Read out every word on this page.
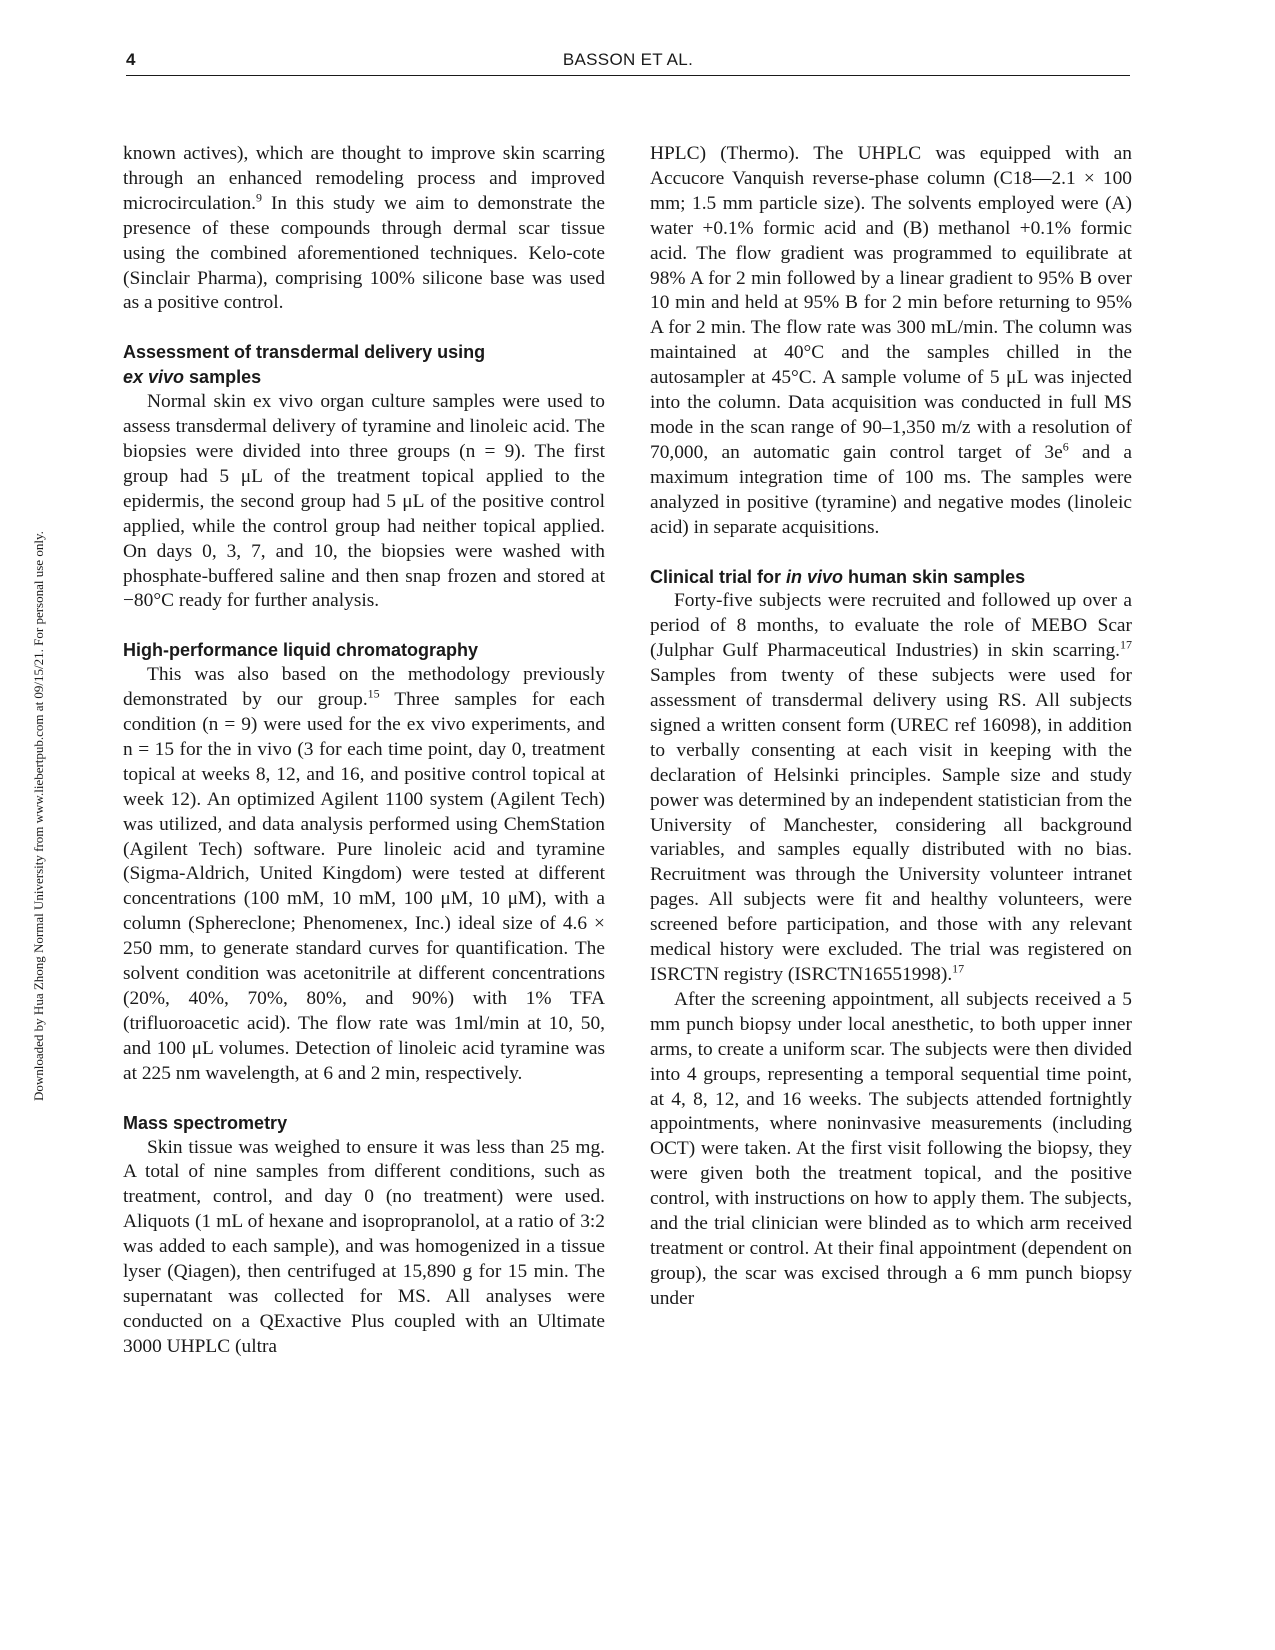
4	BASSON ET AL.
Downloaded by Hua Zhong Normal University from www.liebertpub.com at 09/15/21. For personal use only.

known actives), which are thought to improve skin scarring through an enhanced remodeling process and improved microcirculation.$^9$ In this study we aim to demonstrate the presence of these compounds through dermal scar tissue using the combined aforementioned techniques. Kelo-cote (Sinclair Pharma), comprising 100% silicone base was used as a positive control.

Assessment of transdermal delivery using
ex vivo samples

Normal skin ex vivo organ culture samples were used to assess transdermal delivery of tyramine and linoleic acid. The biopsies were divided into three groups (n = 9). The first group had 5 μL of the treatment topical applied to the epidermis, the second group had 5 μL of the positive control applied, while the control group had neither topical applied. On days 0, 3, 7, and 10, the biopsies were washed with phosphate-buffered saline and then snap frozen and stored at −80°C ready for further analysis.

High-performance liquid chromatography

This was also based on the methodology previously demonstrated by our group.$^{15}$ Three samples for each condition (n = 9) were used for the ex vivo experiments, and n = 15 for the in vivo (3 for each time point, day 0, treatment topical at weeks 8, 12, and 16, and positive control topical at week 12). An optimized Agilent 1100 system (Agilent Tech) was utilized, and data analysis performed using ChemStation (Agilent Tech) software. Pure linoleic acid and tyramine (Sigma-Aldrich, United Kingdom) were tested at different concentrations (100 mM, 10 mM, 100 μM, 10 μM), with a column (Sphereclone; Phenomenex, Inc.) ideal size of 4.6 × 250 mm, to generate standard curves for quantification. The solvent condition was acetonitrile at different concentrations (20%, 40%, 70%, 80%, and 90%) with 1% TFA (trifluoroacetic acid). The flow rate was 1ml/min at 10, 50, and 100 μL volumes. Detection of linoleic acid tyramine was at 225 nm wavelength, at 6 and 2 min, respectively.

Mass spectrometry

Skin tissue was weighed to ensure it was less than 25 mg. A total of nine samples from different conditions, such as treatment, control, and day 0 (no treatment) were used. Aliquots (1 mL of hexane and isopropranolol, at a ratio of 3:2 was added to each sample), and was homogenized in a tissue lyser (Qiagen), then centrifuged at 15,890 g for 15 min. The supernatant was collected for MS. All analyses were conducted on a QExactive Plus coupled with an Ultimate 3000 UHPLC (ultra

HPLC) (Thermo). The UHPLC was equipped with an Accucore Vanquish reverse-phase column (C18—2.1 × 100 mm; 1.5 mm particle size). The solvents employed were (A) water +0.1% formic acid and (B) methanol +0.1% formic acid. The flow gradient was programmed to equilibrate at 98% A for 2 min followed by a linear gradient to 95% B over 10 min and held at 95% B for 2 min before returning to 95% A for 2 min. The flow rate was 300 mL/min. The column was maintained at 40°C and the samples chilled in the autosampler at 45°C. A sample volume of 5 μL was injected into the column. Data acquisition was conducted in full MS mode in the scan range of 90–1,350 m/z with a resolution of 70,000, an automatic gain control target of $3e^6$ and a maximum integration time of 100 ms. The samples were analyzed in positive (tyramine) and negative modes (linoleic acid) in separate acquisitions.

Clinical trial for in vivo human skin samples

Forty-five subjects were recruited and followed up over a period of 8 months, to evaluate the role of MEBO Scar (Julphar Gulf Pharmaceutical Industries) in skin scarring.$^{17}$ Samples from twenty of these subjects were used for assessment of transdermal delivery using RS. All subjects signed a written consent form (UREC ref 16098), in addition to verbally consenting at each visit in keeping with the declaration of Helsinki principles. Sample size and study power was determined by an independent statistician from the University of Manchester, considering all background variables, and samples equally distributed with no bias. Recruitment was through the University volunteer intranet pages. All subjects were fit and healthy volunteers, were screened before participation, and those with any relevant medical history were excluded. The trial was registered on ISRCTN registry (ISRCTN16551998).$^{17}$

After the screening appointment, all subjects received a 5 mm punch biopsy under local anesthetic, to both upper inner arms, to create a uniform scar. The subjects were then divided into 4 groups, representing a temporal sequential time point, at 4, 8, 12, and 16 weeks. The subjects attended fortnightly appointments, where noninvasive measurements (including OCT) were taken. At the first visit following the biopsy, they were given both the treatment topical, and the positive control, with instructions on how to apply them. The subjects, and the trial clinician were blinded as to which arm received treatment or control. At their final appointment (dependent on group), the scar was excised through a 6 mm punch biopsy under
